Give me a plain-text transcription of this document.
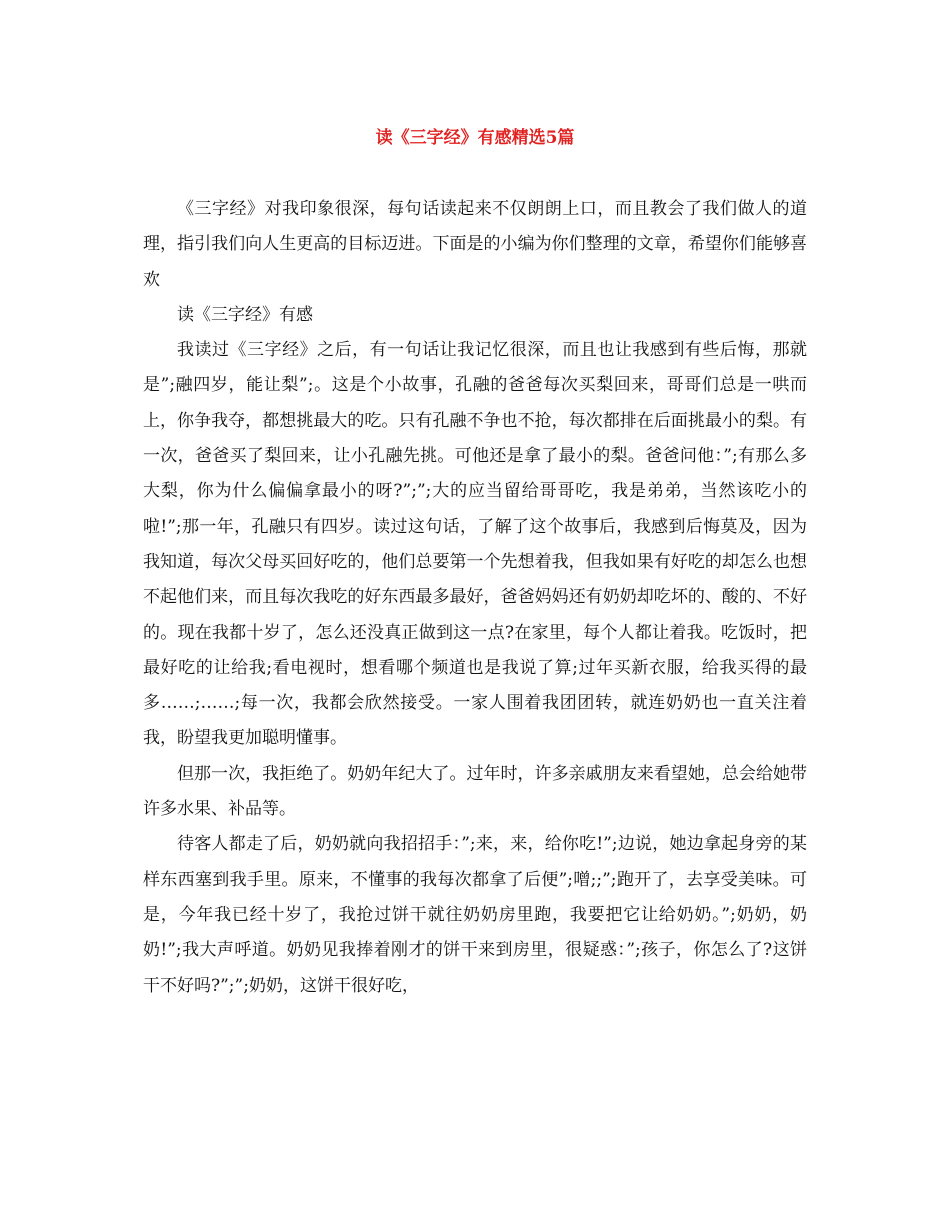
读《三字经》有感精选5篇

《三字经》对我印象很深，每句话读起来不仅朗朗上口，而且教会了我们做人的道理，指引我们向人生更高的目标迈进。下面是的小编为你们整理的文章，希望你们能够喜欢

读《三字经》有感

我读过《三字经》之后，有一句话让我记忆很深，而且也让我感到有些后悔，那就是”;融四岁，能让梨”;。这是个小故事，孔融的爸爸每次买梨回来，哥哥们总是一哄而上，你争我夺，都想挑最大的吃。只有孔融不争也不抢，每次都排在后面挑最小的梨。有一次，爸爸买了梨回来，让小孔融先挑。可他还是拿了最小的梨。爸爸问他：”;有那么多大梨，你为什么偏偏拿最小的呀?”;”;大的应当留给哥哥吃，我是弟弟，当然该吃小的啦!”;那一年，孔融只有四岁。读过这句话，了解了这个故事后，我感到后悔莫及，因为我知道，每次父母买回好吃的，他们总要第一个先想着我，但我如果有好吃的却怎么也想不起他们来，而且每次我吃的好东西最多最好，爸爸妈妈还有奶奶却吃坏的、酸的、不好的。现在我都十岁了，怎么还没真正做到这一点?在家里，每个人都让着我。吃饭时，把最好吃的让给我;看电视时，想看哪个频道也是我说了算;过年买新衣服，给我买得的最多……;……;每一次，我都会欣然接受。一家人围着我团团转，就连奶奶也一直关注着我，盼望我更加聪明懂事。

但那一次，我拒绝了。奶奶年纪大了。过年时，许多亲戚朋友来看望她，总会给她带许多水果、补品等。

待客人都走了后，奶奶就向我招招手：”;来，来，给你吃!”;边说，她边拿起身旁的某样东西塞到我手里。原来，不懂事的我每次都拿了后便”;噌;;”;跑开了，去享受美味。可是，今年我已经十岁了，我抢过饼干就往奶奶房里跑，我要把它让给奶奶。”;奶奶，奶奶!”;我大声呼道。奶奶见我捧着刚才的饼干来到房里，很疑惑：”;孩子，你怎么了?这饼干不好吗?”;”;奶奶，这饼干很好吃，
